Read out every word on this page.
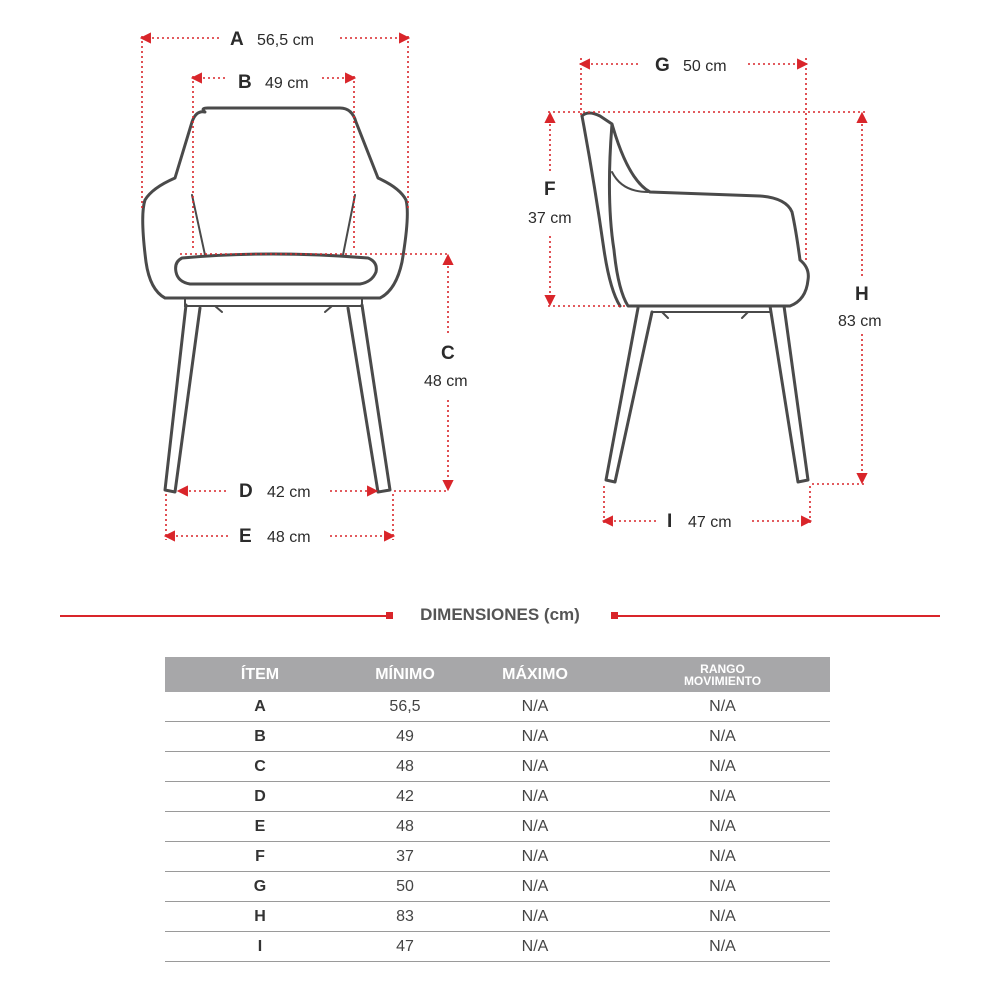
A 56,5 cm
B 49 cm
C
48 cm
D 42 cm
E 48 cm
G 50 cm
F
37 cm
H
83 cm
I 47 cm
DIMENSIONES (cm)
ÍTEM	MÍNIMO	MÁXIMO	RANGO
MOVIMIENTO
A	56,5	N/A	N/A
B	49	N/A	N/A
C	48	N/A	N/A
D	42	N/A	N/A
E	48	N/A	N/A
F	37	N/A	N/A
G	50	N/A	N/A
H	83	N/A	N/A
I	47	N/A	N/A
